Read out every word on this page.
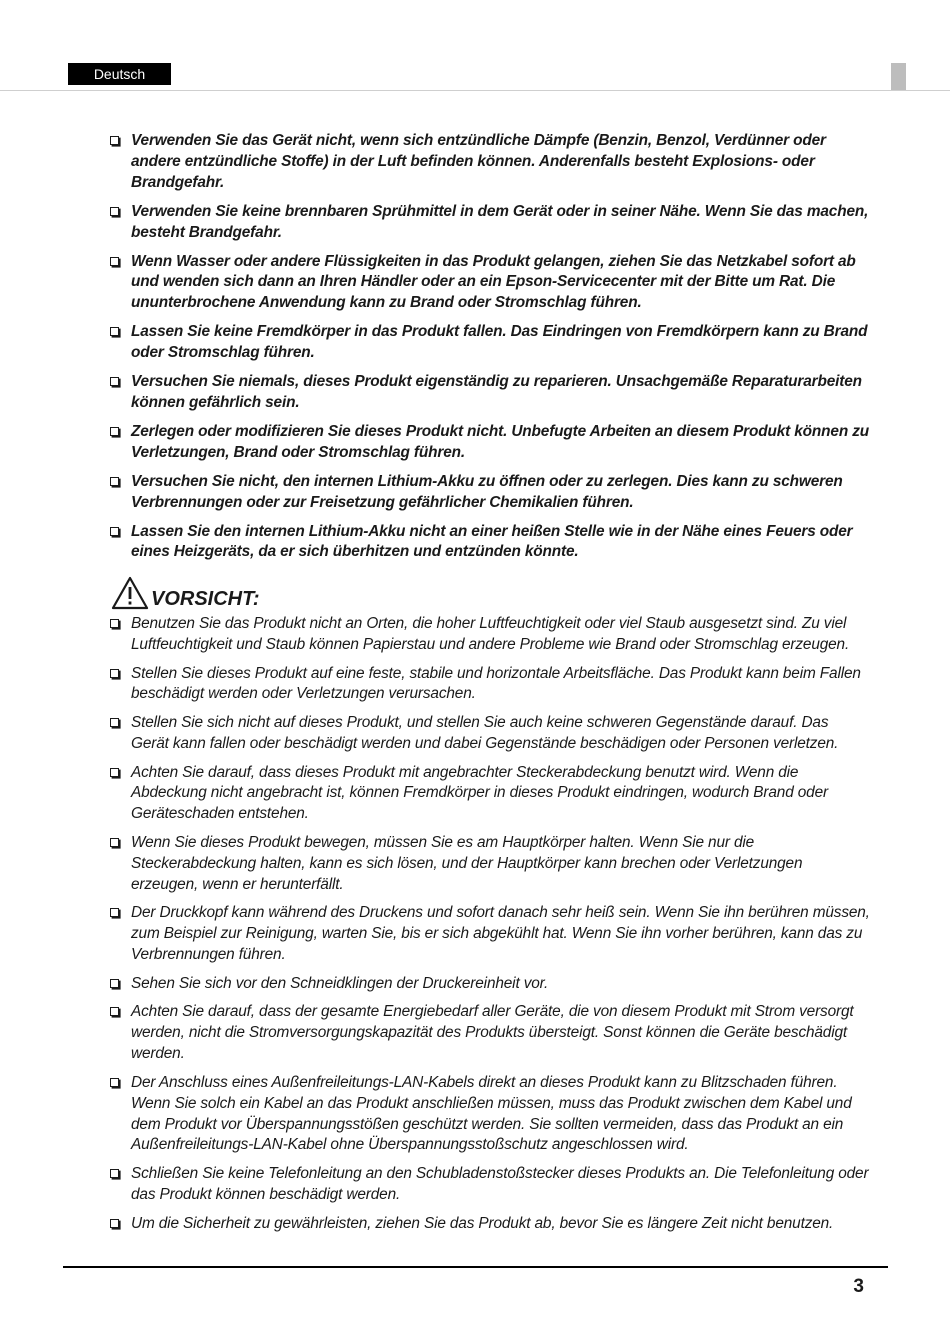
Deutsch
Verwenden Sie das Gerät nicht, wenn sich entzündliche Dämpfe (Benzin, Benzol, Verdünner oder andere entzündliche Stoffe) in der Luft befinden können. Anderenfalls besteht Explosions- oder Brandgefahr.
Verwenden Sie keine brennbaren Sprühmittel in dem Gerät oder in seiner Nähe. Wenn Sie das machen, besteht Brandgefahr.
Wenn Wasser oder andere Flüssigkeiten in das Produkt gelangen, ziehen Sie das Netzkabel sofort ab und wenden sich dann an Ihren Händler oder an ein Epson-Servicecenter mit der Bitte um Rat. Die ununterbrochene Anwendung kann zu Brand oder Stromschlag führen.
Lassen Sie keine Fremdkörper in das Produkt fallen. Das Eindringen von Fremdkörpern kann zu Brand oder Stromschlag führen.
Versuchen Sie niemals, dieses Produkt eigenständig zu reparieren. Unsachgemäße Reparaturarbeiten können gefährlich sein.
Zerlegen oder modifizieren Sie dieses Produkt nicht. Unbefugte Arbeiten an diesem Produkt können zu Verletzungen, Brand oder Stromschlag führen.
Versuchen Sie nicht, den internen Lithium-Akku zu öffnen oder zu zerlegen. Dies kann zu schweren Verbrennungen oder zur Freisetzung gefährlicher Chemikalien führen.
Lassen Sie den internen Lithium-Akku nicht an einer heißen Stelle wie in der Nähe eines Feuers oder eines Heizgeräts, da er sich überhitzen und entzünden könnte.
VORSICHT:
Benutzen Sie das Produkt nicht an Orten, die hoher Luftfeuchtigkeit oder viel Staub ausgesetzt sind. Zu viel Luftfeuchtigkeit und Staub können Papierstau und andere Probleme wie Brand oder Stromschlag erzeugen.
Stellen Sie dieses Produkt auf eine feste, stabile und horizontale Arbeitsfläche. Das Produkt kann beim Fallen beschädigt werden oder Verletzungen verursachen.
Stellen Sie sich nicht auf dieses Produkt, und stellen Sie auch keine schweren Gegenstände darauf. Das Gerät kann fallen oder beschädigt werden und dabei Gegenstände beschädigen oder Personen verletzen.
Achten Sie darauf, dass dieses Produkt mit angebrachter Steckerabdeckung benutzt wird. Wenn die Abdeckung nicht angebracht ist, können Fremdkörper in dieses Produkt eindringen, wodurch Brand oder Geräteschaden entstehen.
Wenn Sie dieses Produkt bewegen, müssen Sie es am Hauptkörper halten. Wenn Sie nur die Steckerabdeckung halten, kann es sich lösen, und der Hauptkörper kann brechen oder Verletzungen erzeugen, wenn er herunterfällt.
Der Druckkopf kann während des Druckens und sofort danach sehr heiß sein. Wenn Sie ihn berühren müssen, zum Beispiel zur Reinigung, warten Sie, bis er sich abgekühlt hat. Wenn Sie ihn vorher berühren, kann das zu Verbrennungen führen.
Sehen Sie sich vor den Schneidklingen der Druckereinheit vor.
Achten Sie darauf, dass der gesamte Energiebedarf aller Geräte, die von diesem Produkt mit Strom versorgt werden, nicht die Stromversorgungskapazität des Produkts übersteigt. Sonst können die Geräte beschädigt werden.
Der Anschluss eines Außenfreileitungs-LAN-Kabels direkt an dieses Produkt kann zu Blitzschaden führen. Wenn Sie solch ein Kabel an das Produkt anschließen müssen, muss das Produkt zwischen dem Kabel und dem Produkt vor Überspannungsstößen geschützt werden. Sie sollten vermeiden, dass das Produkt an ein Außenfreileitungs-LAN-Kabel ohne Überspannungsstoßschutz angeschlossen wird.
Schließen Sie keine Telefonleitung an den Schubladenstoßstecker dieses Produkts an. Die Telefonleitung oder das Produkt können beschädigt werden.
Um die Sicherheit zu gewährleisten, ziehen Sie das Produkt ab, bevor Sie es längere Zeit nicht benutzen.
3
